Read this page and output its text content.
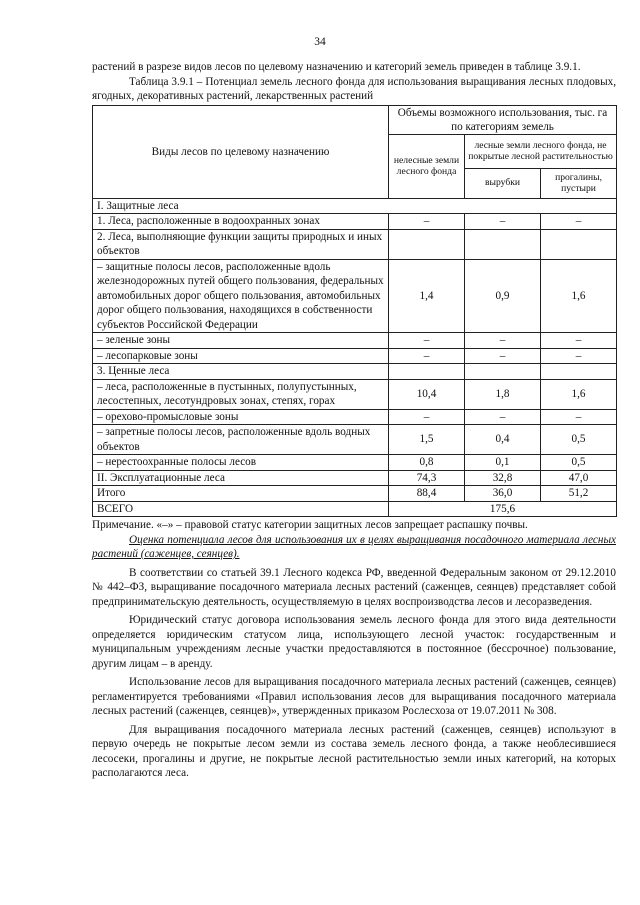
34
растений в разрезе видов лесов по целевому назначению и категорий земель приведен в таблице 3.9.1.
Таблица 3.9.1 – Потенциал земель лесного фонда для использования выращивания лесных плодовых, ягодных, декоративных растений, лекарственных растений
Виды лесов по целевому назначению	Объемы возможного использования, тыс. га по категориям земель		
	нелесные земли лесного фонда	лесные земли лесного фонда, не покрытые лесной растительностью	
		вырубки	прогалины, пустыри
I. Защитные леса			
1. Леса, расположенные в водоохранных зонах	–	–	–
2. Леса, выполняющие функции защиты природных и иных объектов			
– защитные полосы лесов, расположенные вдоль железнодорожных путей общего пользования, федеральных автомобильных дорог общего пользования, автомобильных дорог общего пользования, находящихся в собственности субъектов Российской Федерации	1,4	0,9	1,6
– зеленые зоны	–	–	–
– лесопарковые зоны	–	–	–
3. Ценные леса			
– леса, расположенные в пустынных, полупустынных, лесостепных, лесотундровых зонах, степях, горах	10,4	1,8	1,6
– орехово-промысловые зоны	–	–	–
– запретные полосы лесов, расположенные вдоль водных объектов	1,5	0,4	0,5
– нерестоохранные полосы лесов	0,8	0,1	0,5
II. Эксплуатационные леса	74,3	32,8	47,0
Итого	88,4	36,0	51,2
ВСЕГО	175,6		
Примечание. «–» – правовой статус категории защитных лесов запрещает распашку почвы.
Оценка потенциала лесов для использования их в целях выращивания посадочного материала лесных растений (саженцев, сеянцев).

В соответствии со статьей 39.1 Лесного кодекса РФ, введенной Федеральным законом от 29.12.2010 № 442–ФЗ, выращивание посадочного материала лесных растений (саженцев, сеянцев) представляет собой предпринимательскую деятельность, осуществляемую в целях воспроизводства лесов и лесоразведения.

Юридический статус договора использования земель лесного фонда для этого вида деятельности определяется юридическим статусом лица, использующего лесной участок: государственным и муниципальным учреждениям лесные участки предоставляются в постоянное (бессрочное) пользование, другим лицам – в аренду.

Использование лесов для выращивания посадочного материала лесных растений (саженцев, сеянцев) регламентируется требованиями «Правил использования лесов для выращивания посадочного материала лесных растений (саженцев, сеянцев)», утвержденных приказом Рослесхоза от 19.07.2011 № 308.

Для выращивания посадочного материала лесных растений (саженцев, сеянцев) используют в первую очередь не покрытые лесом земли из состава земель лесного фонда, а также необлесившиеся лесосеки, прогалины и другие, не покрытые лесной растительностью земли иных категорий, на которых располагаются леса.
